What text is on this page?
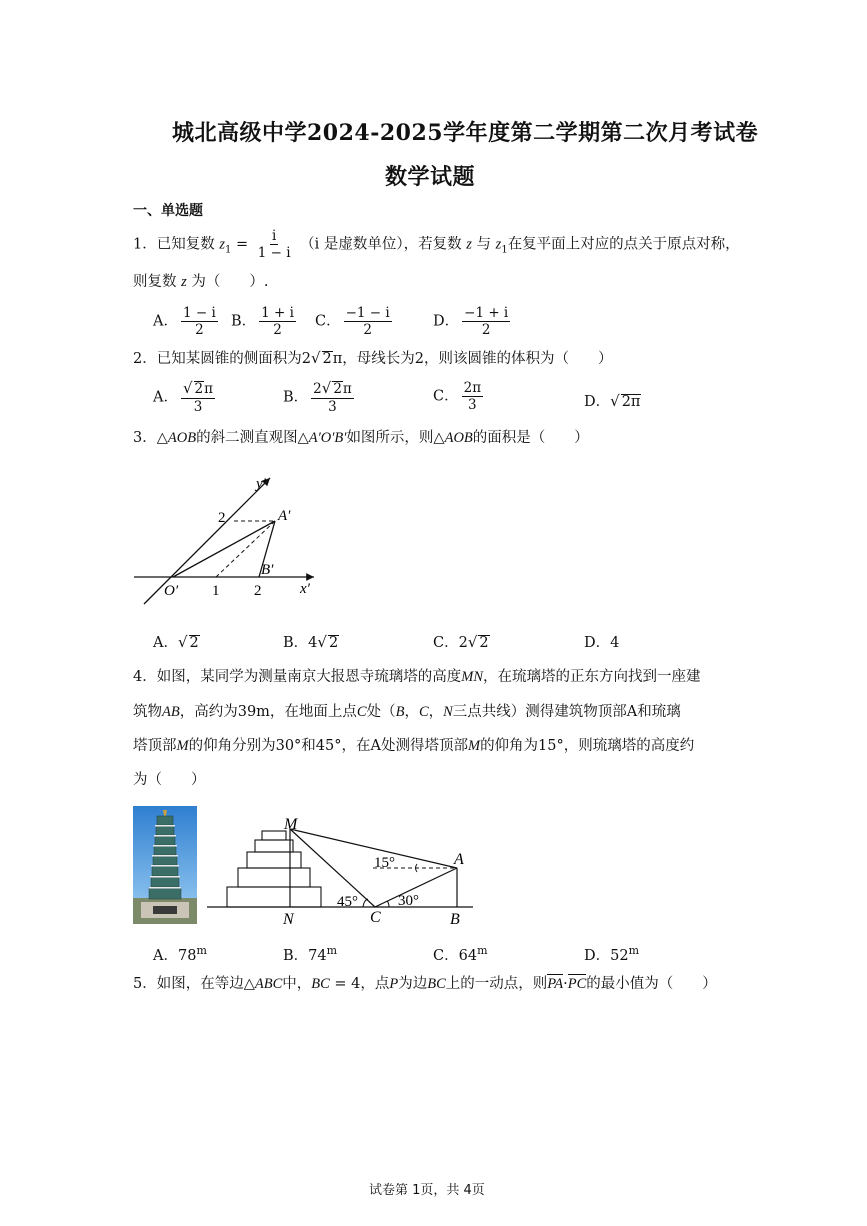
城北高级中学2024-2025学年度第二学期第二次月考试卷
数学试题
一、单选题
1．已知复数 $z_1 = \frac{i}{1 - i} (i$ 是虚数单位），若复数 z 与 $z_1$在复平面上对应的点关于原点对称，
则复数 z 为（　　）.
A． $\frac{1 - i}{2}$ B． $\frac{1 + i}{2}$ C． $\frac{-1 - i}{2}$	D． $\frac{-1 + i}{2}$
2．已知某圆锥的侧面积为2√ 2π，母线长为2，则该圆锥的体积为（　　）
A． $\frac{√ 2\pi}{3}$	B． $\frac{2√ 2\pi}{3}$	C． $\frac{2\pi}{3}$	D．√ 2π
3．△AOB的斜二测直观图△A′O′B′如图所示，则△AOB的面积是（　　）
y′
x′
O′
A′
B′
1 2
2
A．√ 2	B．4√ 2	C．2√ 2	D．4
4．如图，某同学为测量南京大报恩寺琉璃塔的高度MN，在琉璃塔的正东方向找到一座建
筑物AB，高约为39m，在地面上点C处（B，C，N三点共线）测得建筑物顶部A和琉璃
塔顶部M的仰角分别为30°和45°，在A处测得塔顶部M的仰角为15°，则琉璃塔的高度约
为（　　）
M
A
N	C	B
15°
45°	30°
A．78$^m$	B．74$^m$	C．64$^m$	D．52$^m$
5．如图，在等边△ABC中，BC = 4，点P为边BC上的一动点，则PA·PC的最小值为（　　）
试卷第 1页，共 4页
